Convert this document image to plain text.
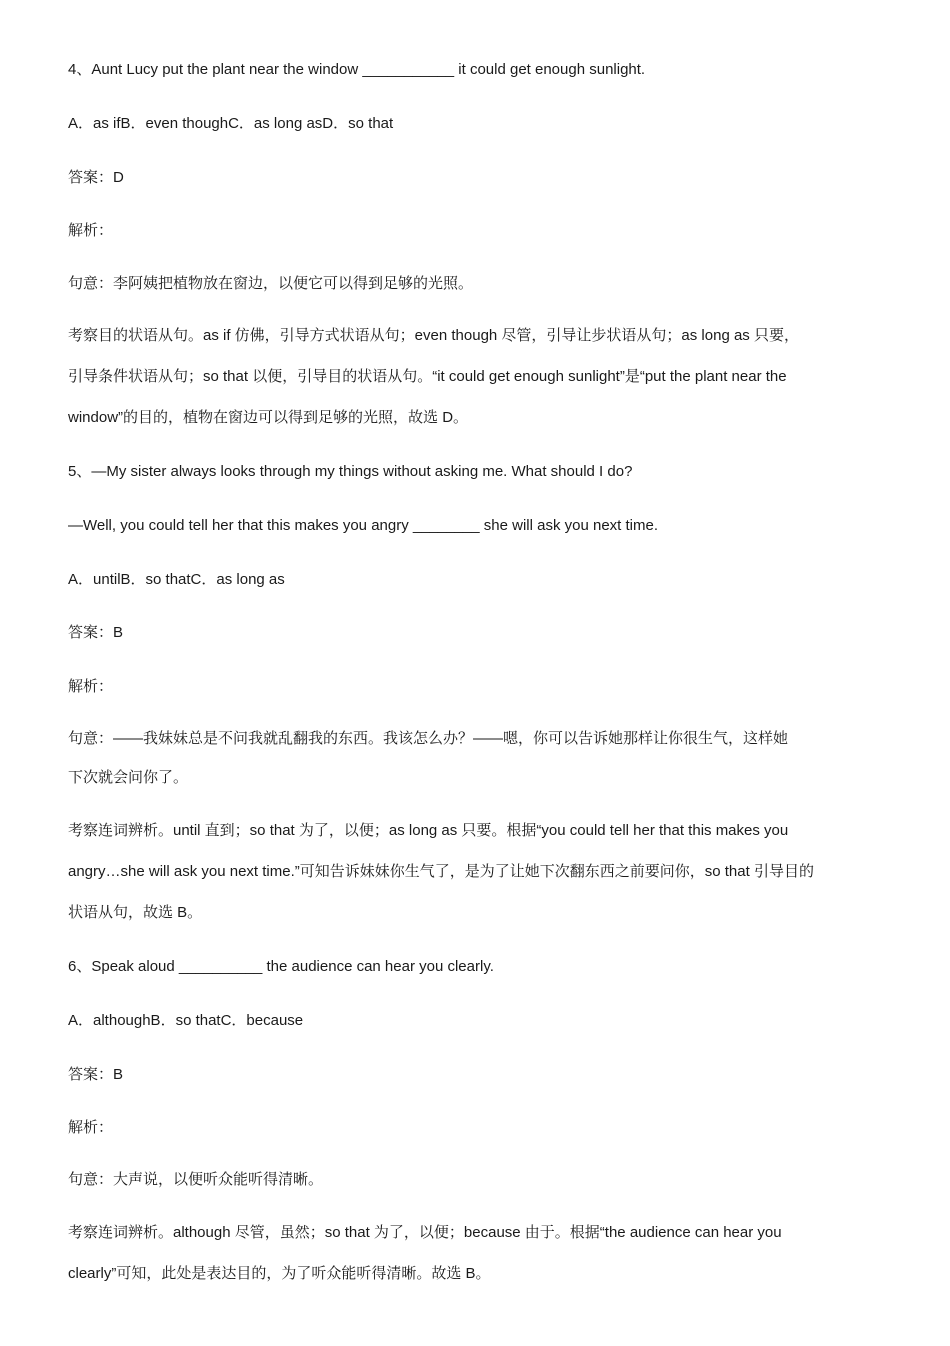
4、Aunt Lucy put the plant near the window ___________ it could get enough sunlight.
A．as ifB．even thoughC．as long asD．so that
答案：D
解析：
句意：李阿姨把植物放在窗边，以便它可以得到足够的光照。
考察目的状语从句。as if 仿佛，引导方式状语从句；even though 尽管，引导让步状语从句；as long as 只要，
引导条件状语从句；so that 以便，引导目的状语从句。“it could get enough sunlight”是“put the plant near the
window”的目的，植物在窗边可以得到足够的光照，故选 D。
5、—My sister always looks through my things without asking me. What should I do?
—Well, you could tell her that this makes you angry ________ she will ask you next time.
A．untilB．so thatC．as long as
答案：B
解析：
句意：——我妹妹总是不问我就乱翻我的东西。我该怎么办？——嗯，你可以告诉她那样让你很生气，这样她
下次就会问你了。
考察连词辨析。until 直到；so that 为了，以便；as long as 只要。根据“you could tell her that this makes you
angry…she will ask you next time.”可知告诉妹妹你生气了，是为了让她下次翻东西之前要问你，so that 引导目的
状语从句，故选 B。
6、Speak aloud __________ the audience can hear you clearly.
A．althoughB．so thatC．because
答案：B
解析：
句意：大声说，以便听众能听得清晰。
考察连词辨析。although 尽管，虽然；so that 为了，以便；because 由于。根据“the audience can hear you
clearly”可知，此处是表达目的，为了听众能听得清晰。故选 B。
